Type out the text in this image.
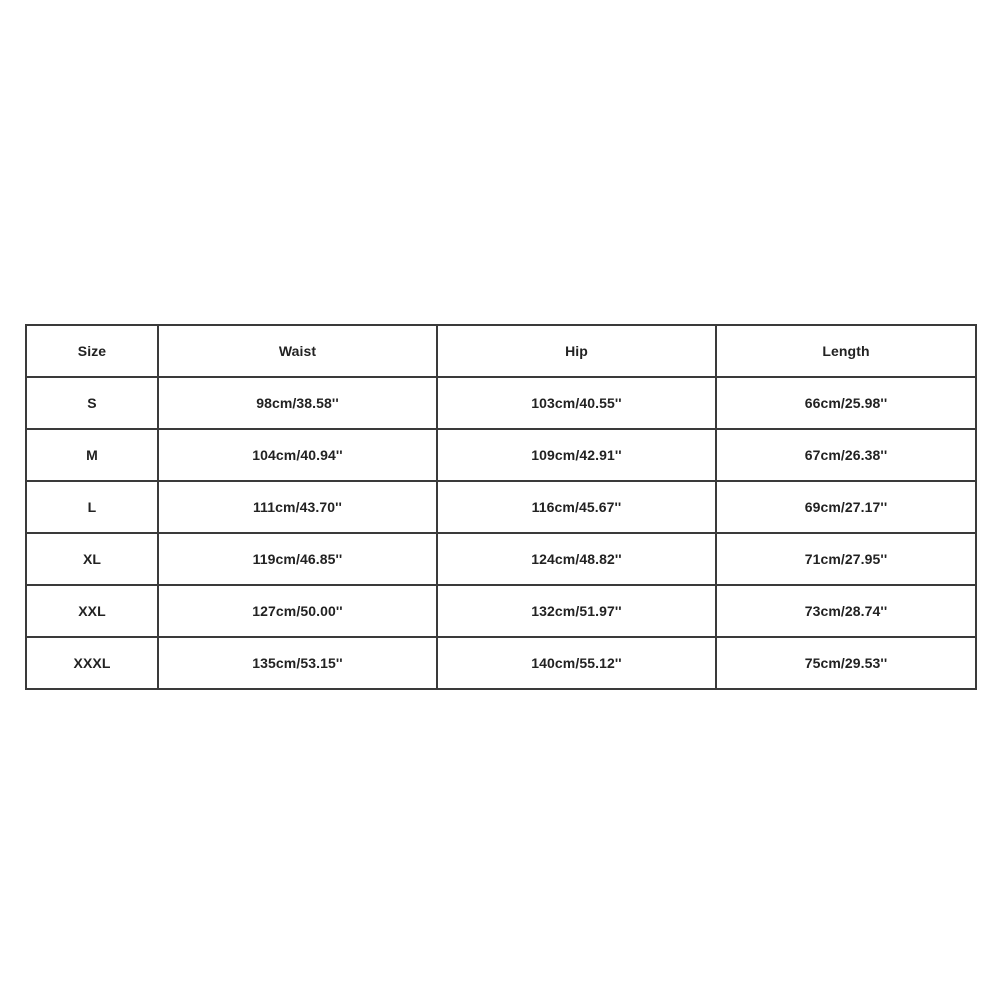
Size	Waist	Hip	Length
S	98cm/38.58''	103cm/40.55''	66cm/25.98''
M	104cm/40.94''	109cm/42.91''	67cm/26.38''
L	111cm/43.70''	116cm/45.67''	69cm/27.17''
XL	119cm/46.85''	124cm/48.82''	71cm/27.95''
XXL	127cm/50.00''	132cm/51.97''	73cm/28.74''
XXXL	135cm/53.15''	140cm/55.12''	75cm/29.53''
